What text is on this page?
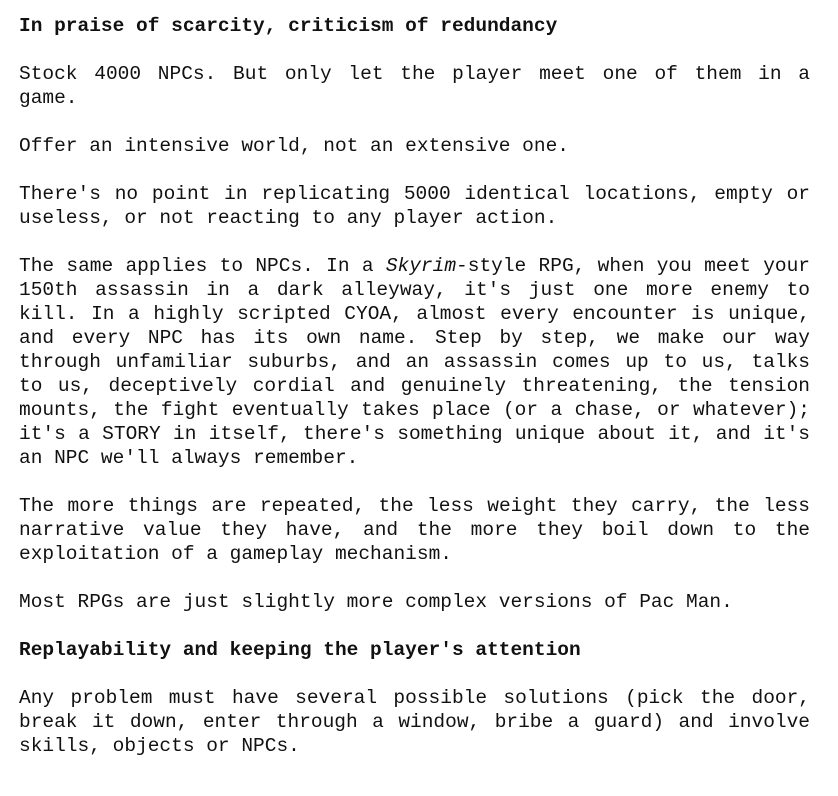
In praise of scarcity, criticism of redundancy

Stock 4000 NPCs. But only let the player meet one of them in a game.

Offer an intensive world, not an extensive one.

There's no point in replicating 5000 identical locations, empty or useless, or not reacting to any player action.

The same applies to NPCs. In a Skyrim-style RPG, when you meet your 150th assassin in a dark alleyway, it's just one more enemy to kill. In a highly scripted CYOA, almost every encounter is unique, and every NPC has its own name. Step by step, we make our way through unfamiliar suburbs, and an assassin comes up to us, talks to us, deceptively cordial and genuinely threatening, the tension mounts, the fight eventually takes place (or a chase, or whatever); it's a STORY in itself, there's something unique about it, and it's an NPC we'll always remember.

The more things are repeated, the less weight they carry, the less narrative value they have, and the more they boil down to the exploitation of a gameplay mechanism.

Most RPGs are just slightly more complex versions of Pac Man.

Replayability and keeping the player's attention

Any problem must have several possible solutions (pick the door, break it down, enter through a window, bribe a guard) and involve skills, objects or NPCs.
